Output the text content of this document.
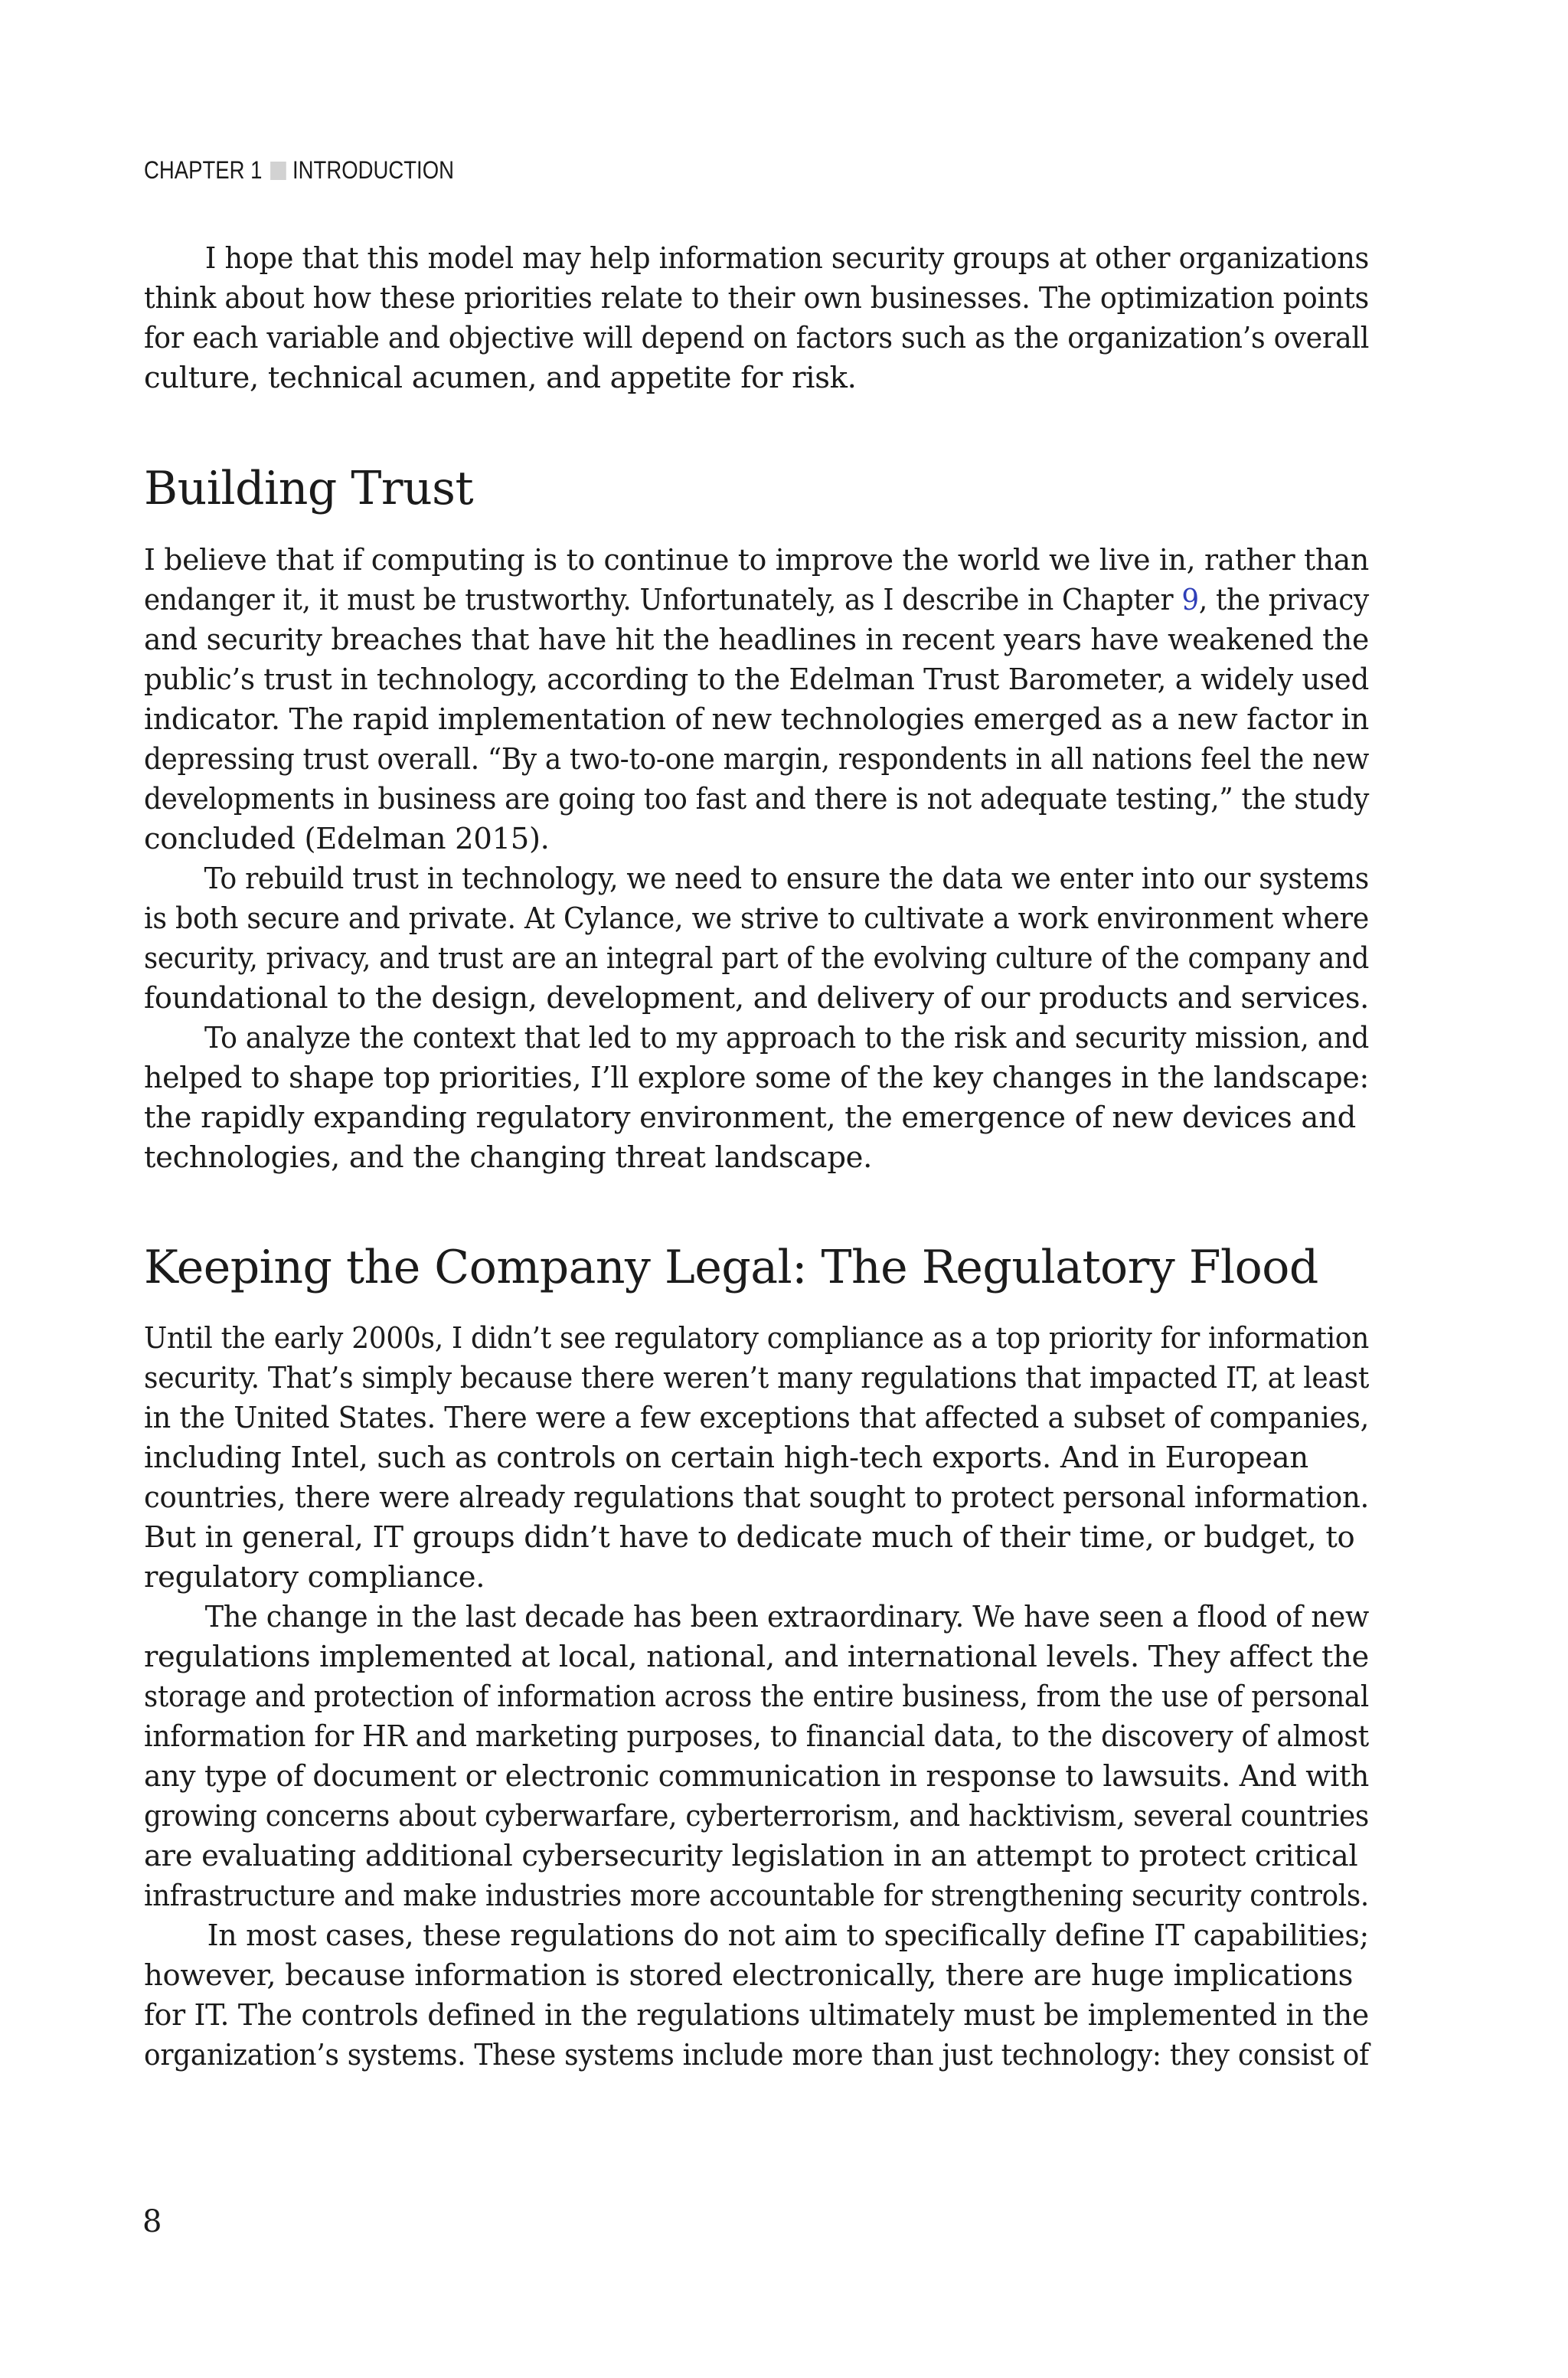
CHAPTER 1 INTRODUCTION

I hope that this model may help information security groups at other organizations
think about how these priorities relate to their own businesses. The optimization points
for each variable and objective will depend on factors such as the organization’s overall
culture, technical acumen, and appetite for risk.

Building Trust

I believe that if computing is to continue to improve the world we live in, rather than
endanger it, it must be trustworthy. Unfortunately, as I describe in Chapter 9, the privacy
and security breaches that have hit the headlines in recent years have weakened the
public’s trust in technology, according to the Edelman Trust Barometer, a widely used
indicator. The rapid implementation of new technologies emerged as a new factor in
depressing trust overall. “By a two-to-one margin, respondents in all nations feel the new
developments in business are going too fast and there is not adequate testing,” the study
concluded (Edelman 2015).

To rebuild trust in technology, we need to ensure the data we enter into our systems
is both secure and private. At Cylance, we strive to cultivate a work environment where
security, privacy, and trust are an integral part of the evolving culture of the company and
foundational to the design, development, and delivery of our products and services.

To analyze the context that led to my approach to the risk and security mission, and
helped to shape top priorities, I’ll explore some of the key changes in the landscape:
the rapidly expanding regulatory environment, the emergence of new devices and
technologies, and the changing threat landscape.

Keeping the Company Legal: The Regulatory Flood

Until the early 2000s, I didn’t see regulatory compliance as a top priority for information
security. That’s simply because there weren’t many regulations that impacted IT, at least
in the United States. There were a few exceptions that affected a subset of companies,
including Intel, such as controls on certain high-tech exports. And in European
countries, there were already regulations that sought to protect personal information.
But in general, IT groups didn’t have to dedicate much of their time, or budget, to
regulatory compliance.

The change in the last decade has been extraordinary. We have seen a flood of new
regulations implemented at local, national, and international levels. They affect the
storage and protection of information across the entire business, from the use of personal
information for HR and marketing purposes, to financial data, to the discovery of almost
any type of document or electronic communication in response to lawsuits. And with
growing concerns about cyberwarfare, cyberterrorism, and hacktivism, several countries
are evaluating additional cybersecurity legislation in an attempt to protect critical
infrastructure and make industries more accountable for strengthening security controls.

In most cases, these regulations do not aim to specifically define IT capabilities;
however, because information is stored electronically, there are huge implications
for IT. The controls defined in the regulations ultimately must be implemented in the
organization’s systems. These systems include more than just technology: they consist of

8
